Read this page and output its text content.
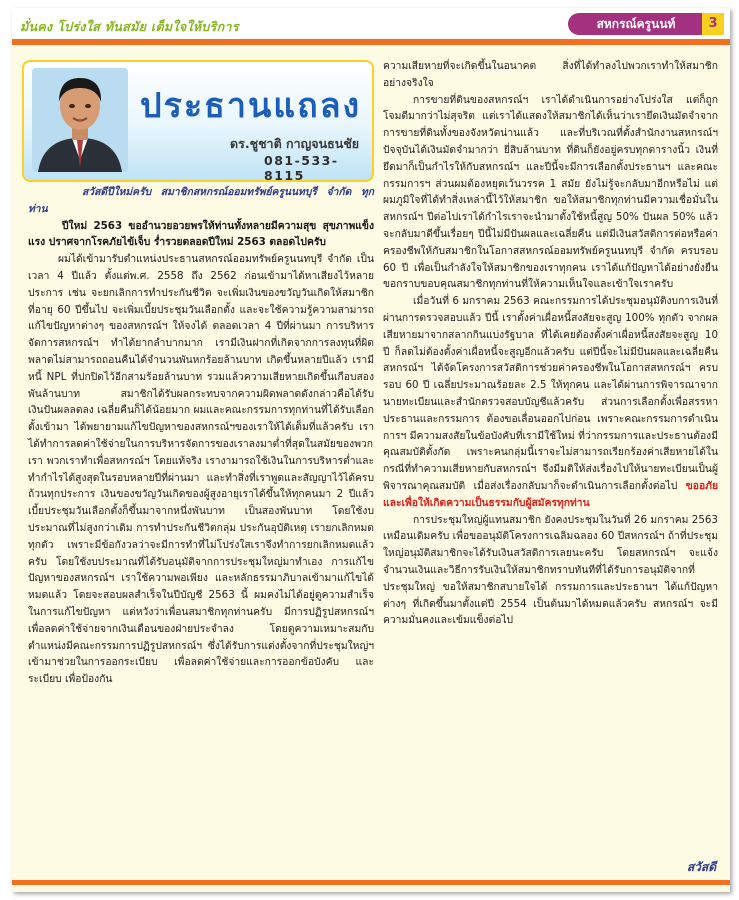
มั่นคง โปร่งใส ทันสมัย เต็มใจให้บริการ	สหกรณ์ครูนนท์	3
ประธานแถลง
ดร.ชูชาติ กาญจนธนชัย
081-533-8115

สวัสดีปีใหม่ครับ สมาชิกสหกรณ์ออมทรัพย์ครูนนทบุรี จำกัด ทุกท่าน

ปีใหม่ 2563 ขออำนวยอวยพรให้ท่านทั้งหลายมีความสุข สุขภาพแข็งแรง ปราศจากโรคภัยไข้เจ็บ ร่ำรวยตลอดปีใหม่ 2563 ตลอดไปครับ

ผมได้เข้ามารับตำแหน่งประธานสหกรณ์ออมทรัพย์ครูนนทบุรี จำกัด เป็นเวลา 4 ปีแล้ว ตั้งแต่พ.ศ. 2558 ถึง 2562 ก่อนเข้ามาได้หาเสียงไว้หลายประการ เช่น จะยกเลิกการทำประกันชีวิต จะเพิ่มเงินของขวัญวันเกิดให้สมาชิกที่อายุ 60 ปีขึ้นไป จะเพิ่มเบี้ยประชุมวันเลือกตั้ง และจะใช้ความรู้ความสามารถแก้ไขปัญหาต่างๆ ของสหกรณ์ฯ ให้จงได้ ตลอดเวลา 4 ปีที่ผ่านมา การบริหารจัดการสหกรณ์ฯ ทำได้ยากลำบากมาก เรามีเงินฝากที่เกิดจากการลงทุนที่ผิดพลาดไม่สามารถถอนคืนได้จำนวนพันหกร้อยล้านบาท เกิดขึ้นหลายปีแล้ว เรามีหนี้ NPL ที่ปกปิดไว้อีกสามร้อยล้านบาท รวมแล้วความเสียหายเกิดขึ้นเกือบสองพันล้านบาท สมาชิกได้รับผลกระทบจากความผิดพลาดดังกล่าวคือได้รับเงินปันผลลดลง เฉลี่ยคืนก็ได้น้อยมาก ผมและคณะกรรมการทุกท่านที่ได้รับเลือกตั้งเข้ามา ได้พยายามแก้ไขปัญหาของสหกรณ์ฯของเราให้ได้เต็มที่แล้วครับ เราได้ทำการลดค่าใช้จ่ายในการบริหารจัดการของเราลงมาต่ำที่สุดในสมัยของพวกเรา พวกเราทำเพื่อสหกรณ์ฯ โดยแท้จริง เรางามารถใช้เงินในการบริหารต่ำและทำกำไรได้สูงสุดในรอบหลายปีที่ผ่านมา และทำสิ่งที่เราพูดและสัญญาไว้ได้ครบถ้วนทุกประการ เงินของขวัญวันเกิดของผู้สูงอายุเราได้ขึ้นให้ทุกคนมา 2 ปีแล้ว เบี้ยประชุมวันเลือกตั้งก็ขึ้นมาจากหนึ่งพันบาท เป็นสองพันบาท โดยใช้งบประมาณที่ไม่สูงกว่าเดิม การทำประกันชีวิตกลุ่ม ประกันอุบัติเหตุ เรายกเลิกหมดทุกตัว เพราะมีข้อกังวลว่าจะมีการทำที่ไม่โปร่งใสเราจึงทำการยกเลิกหมดแล้วครับ โดยใช้งบประมาณที่ได้รับอนุมัติจากการประชุมใหญ่มาทำเอง การแก้ไขปัญหาของสหกรณ์ฯ เราใช้ความพอเพียง และหลักธรรมาภิบาลเข้ามาแก้ไขได้หมดแล้ว โดยจะสอบผลสำเร็จในปีบัญชี 2563 นี้ ผมคงไม่ได้อยู่ดูความสำเร็จในการแก้ไขปัญหา แต่หวังว่าเพื่อนสมาชิกทุกท่านครับ มีการปฏิรูปสหกรณ์ฯ เพื่อลดค่าใช้จ่ายจากเงินเดือนของฝ่ายประจำลง โดยดูความเหมาะสมกับตำแหน่งมีคณะกรรมการปฏิรูปสหกรณ์ฯ ซึ่งได้รับการแต่งตั้งจากที่ประชุมใหญ่ฯ เข้ามาช่วยในการออกระเบียบ เพื่อลดค่าใช้จ่ายและการออกข้อบังคับ และระเบียบ เพื่อป้องกัน

ความเสียหายที่จะเกิดขึ้นในอนาคต สิ่งที่ได้ทำลงไปพวกเราทำให้สมาชิกอย่างจริงใจ

การขายที่ดินของสหกรณ์ฯ เราได้ดำเนินการอย่างโปร่งใส แต่ก็ถูกโจมตีมากว่าไม่สุจริต แต่เราได้แสดงให้สมาชิกได้เห็นว่าเรายึดเงินมัดจำจากการขายที่ดินทั้งของจังหวัดน่านแล้ว และที่บริเวณที่ตั้งสำนักงานสหกรณ์ฯ ปัจจุบันได้เงินมัดจำมากว่า ยี่สิบล้านบาท ที่ดินก็ยังอยู่ครบทุกตารางนิ้ว เงินที่ยึดมาก็เป็นกำไรให้กับสหกรณ์ฯ และปีนี้จะมีการเลือกตั้งประธานฯ และคณะกรรมการฯ ส่วนผมต้องหยุดเว้นวรรค 1 สมัย ยังไม่รู้จะกลับมาอีกหรือไม่ แต่ผมภูมิใจที่ได้ทำสิ่งเหล่านี้ไว้ให้สมาชิก ขอให้สมาชิกทุกท่านมีความเชื่อมั่นในสหกรณ์ฯ ปีต่อไปเราได้กำไรเราจะนำมาตั้งใช้หนี้สูญ 50% ปันผล 50% แล้วจะกลับมาดีขึ้นเรื่อยๆ ปีนี้ไม่มีปันผลและเฉลี่ยคืน แต่มีเงินสวัสดิการต่อหรือค่าครองชีพให้กับสมาชิกในโอกาสสหกรณ์ออมทรัพย์ครูนนทบุรี จำกัด ครบรอบ 60 ปี เพื่อเป็นกำลังใจให้สมาชิกของเราทุกคน เราได้แก้ปัญหาได้อย่างยั่งยืน ขอกราบขอบคุณสมาชิกทุกท่านที่ให้ความเห็นใจและเข้าใจเราครับ

เมื่อวันที่ 6 มกราคม 2563 คณะกรรมการได้ประชุมอนุมัติงบการเงินที่ผ่านการตรวจสอบแล้ว ปีนี้ เราตั้งค่าเผื่อหนี้สงสัยจะสูญ 100% ทุกตัว จากผลเสียหายมาจากสลากกินแบ่งรัฐบาล ที่ได้เคยต้องตั้งค่าเผื่อหนี้สงสัยจะสูญ 10 ปี ก็ลดไม่ต้องตั้งค่าเผื่อหนี้จะสูญอีกแล้วครับ แต่ปีนี้จะไม่มีปันผลและเฉลี่ยคืน สหกรณ์ฯ ได้จัดโครงการสวัสดิการช่วยค่าครองชีพในโอกาสสหกรณ์ฯ ครบรอบ 60 ปี เฉลี่ยประมาณร้อยละ 2.5 ให้ทุกคน และได้ผ่านการพิจารณาจากนายทะเบียนและสำนักตรวจสอบบัญชีแล้วครับ ส่วนการเลือกตั้งเพื่อสรรหาประธานและกรรมการ ต้องขอเลื่อนออกไปก่อน เพราะคณะกรรมการดำเนินการฯ มีความสงสัยในข้อบังคับที่เรามีใช้ใหม่ ที่ว่ากรรมการและประธานต้องมีคุณสมบัติตั้งกัด เพราะคนกลุ่มนี้เราจะไม่สามารถเรียกร้องค่าเสียหายได้ในกรณีที่ทำความเสียหายกับสหกรณ์ฯ จึงมีมติให้ส่งเรื่องไปให้นายทะเบียนเป็นผู้พิจารณาคุณสมบัติ เมื่อส่งเรื่องกลับมาก็จะดำเนินการเลือกตั้งต่อไป ขออภัยและเพื่อให้เกิดความเป็นธรรมกับผู้สมัครทุกท่าน

การประชุมใหญ่ผู้แทนสมาชิก ยังคงประชุมในวันที่ 26 มกราคม 2563 เหมือนเดิมครับ เพื่อขออนุมัติโครงการเฉลิมฉลอง 60 ปีสหกรณ์ฯ ถ้าที่ประชุมใหญ่อนุมัติสมาชิกจะได้รับเงินสวัสดิการเลยนะครับ โดยสหกรณ์ฯ จะแจ้งจำนวนเงินและวิธีการรับเงินให้สมาชิกทราบทันทีที่ได้รับการอนุมัติจากที่ประชุมใหญ่ ขอให้สมาชิกสบายใจได้ กรรมการและประธานฯ ได้แก้ปัญหาต่างๆ ที่เกิดขึ้นมาตั้งแต่ปี 2554 เป็นต้นมาได้หมดแล้วครับ สหกรณ์ฯ จะมีความมั่นคงและเข้มแข็งต่อไป

สวัสดี
